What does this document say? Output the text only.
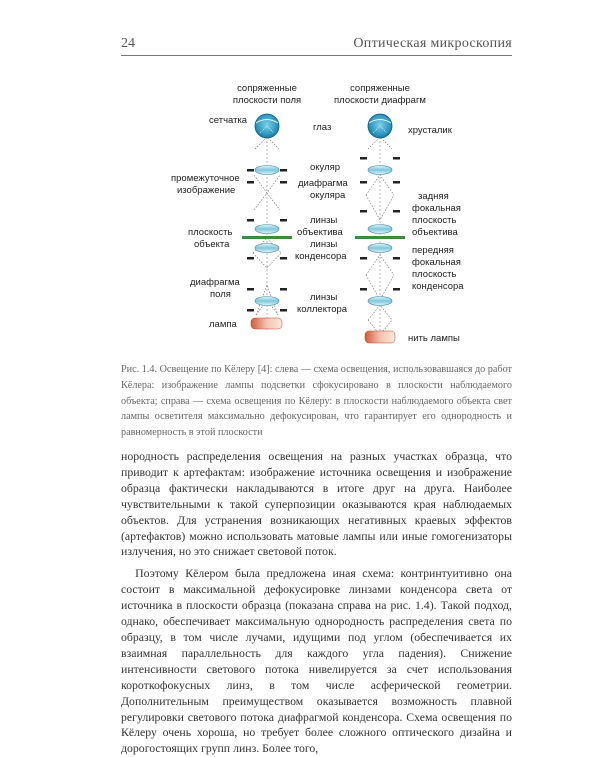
24	Оптическая микроскопия
сопряженные
плоскости поля
сопряженные
плоскости диафрагм
сетчатка
промежуточное
изображение
плоскость
объекта
диафрагма
поля
лампа
глаз
окуляр
диафрагма
окуляра
линзы
объектива
линзы
конденсора
линзы
коллектора
хрусталик
задняя
фокальная
плоскость
объектива
передняя
фокальная
плоскость
конденсора
нить лампы
Рис. 1.4. Освещение по Кёлеру [4]: слева — схема освещения, использовавшаяся до работ Кёлера: изображение лампы подсветки сфокусировано в плоскости наблюдаемого объекта; справа — схема освещения по Кёлеру: в плоскости наблюдаемого объекта свет лампы осветителя максимально дефокусирован, что гарантирует его однородность и равномерность в этой плоскости

нородность распределения освещения на разных участках образца, что приводит к артефактам: изображение источника освещения и изображение образца фактически накладываются в итоге друг на друга. Наиболее чувствительными к такой суперпозиции оказываются края наблюдаемых объектов. Для устранения возникающих негативных краевых эффектов (артефактов) можно использовать матовые лампы или иные гомогенизаторы излучения, но это снижает световой поток.

Поэтому Кёлером была предложена иная схема: контринтуитивно она состоит в максимальной дефокусировке линзами конденсора света от источника в плоскости образца (показана справа на рис. 1.4). Такой подход, однако, обеспечивает максимальную однородность распределения света по образцу, в том числе лучами, идущими под углом (обеспечивается их взаимная параллельность для каждого угла падения). Снижение интенсивности светового потока нивелируется за счет использования короткофокусных линз, в том числе асферической геометрии. Дополнительным преимуществом оказывается возможность плавной регулировки светового потока диафрагмой конденсора. Схема освещения по Кёлеру очень хороша, но требует более сложного оптического дизайна и дорогостоящих групп линз. Более того,
